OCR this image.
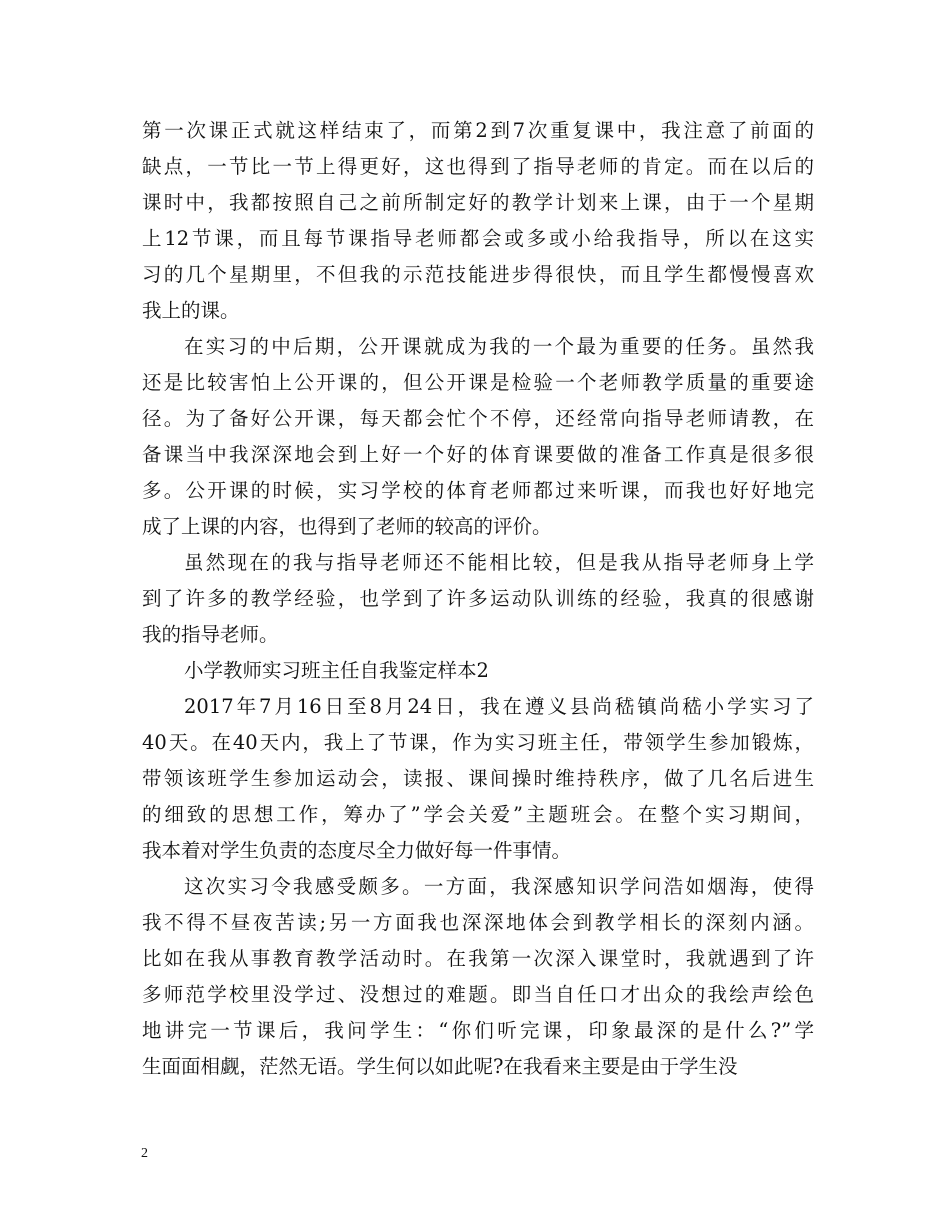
第一次课正式就这样结束了，而第2到7次重复课中，我注意了前面的
缺点，一节比一节上得更好，这也得到了指导老师的肯定。而在以后的
课时中，我都按照自己之前所制定好的教学计划来上课，由于一个星期
上12节课，而且每节课指导老师都会或多或小给我指导，所以在这实
习的几个星期里，不但我的示范技能进步得很快，而且学生都慢慢喜欢
我上的课。
在实习的中后期，公开课就成为我的一个最为重要的任务。虽然我
还是比较害怕上公开课的，但公开课是检验一个老师教学质量的重要途
径。为了备好公开课，每天都会忙个不停，还经常向指导老师请教，在
备课当中我深深地会到上好一个好的体育课要做的准备工作真是很多很
多。公开课的时候，实习学校的体育老师都过来听课，而我也好好地完
成了上课的内容，也得到了老师的较高的评价。
虽然现在的我与指导老师还不能相比较，但是我从指导老师身上学
到了许多的教学经验，也学到了许多运动队训练的经验，我真的很感谢
我的指导老师。
小学教师实习班主任自我鉴定样本2
2017年7月16日至8月24日，我在遵义县尚嵇镇尚嵇小学实习了
40天。在40天内，我上了节课，作为实习班主任，带领学生参加锻炼，
带领该班学生参加运动会，读报、课间操时维持秩序，做了几名后进生
的细致的思想工作，筹办了”学会关爱”主题班会。在整个实习期间，
我本着对学生负责的态度尽全力做好每一件事情。
这次实习令我感受颇多。一方面，我深感知识学问浩如烟海，使得
我不得不昼夜苦读;另一方面我也深深地体会到教学相长的深刻内涵。
比如在我从事教育教学活动时。在我第一次深入课堂时，我就遇到了许
多师范学校里没学过、没想过的难题。即当自任口才出众的我绘声绘色
地讲完一节课后，我问学生：“你们听完课，印象最深的是什么?”学
生面面相觑，茫然无语。学生何以如此呢?在我看来主要是由于学生没
2
